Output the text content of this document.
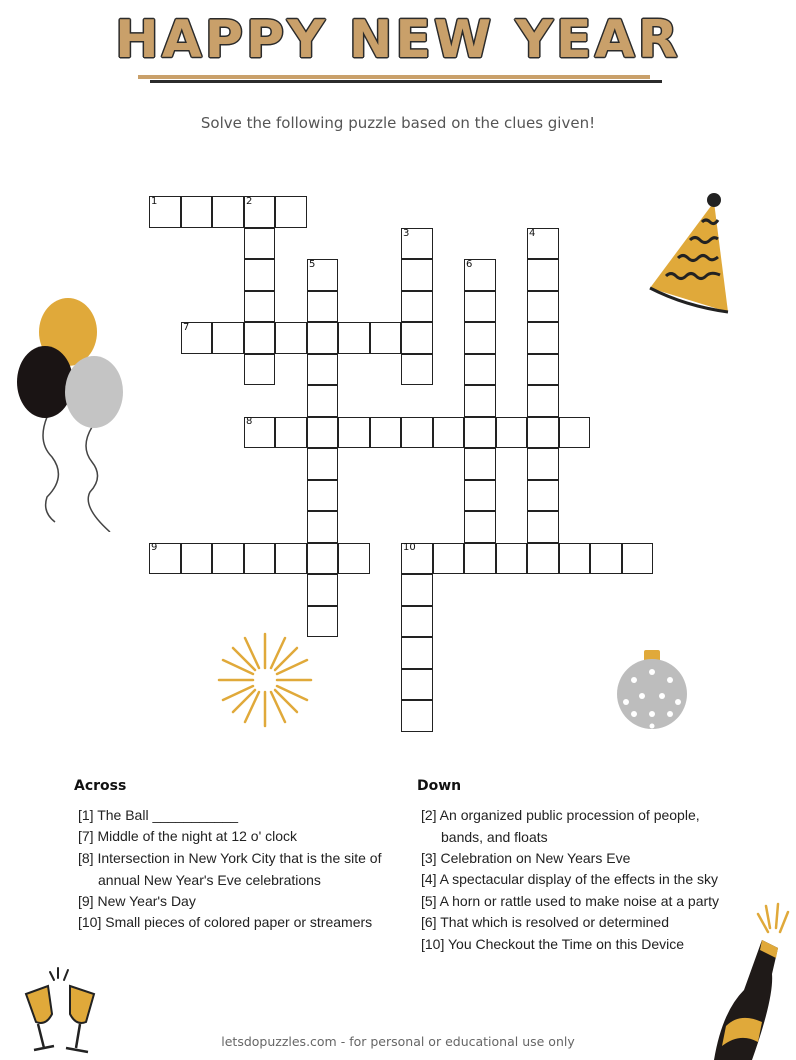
HAPPY NEW YEAR
Solve the following puzzle based on the clues given!
1	2
3	4
5	6
7
8
9	10
Across
[1] The Ball ___________
[7] Middle of the night at 12 o' clock
[8] Intersection in New York City that is the site of annual New Year's Eve celebrations
[9] New Year's Day
[10] Small pieces of colored paper or streamers
Down
[2] An organized public procession of people, bands, and floats
[3] Celebration on New Years Eve
[4] A spectacular display of the effects in the sky
[5] A horn or rattle used to make noise at a party
[6] That which is resolved or determined
[10] You Checkout the Time on this Device
letsdopuzzles.com - for personal or educational use only
